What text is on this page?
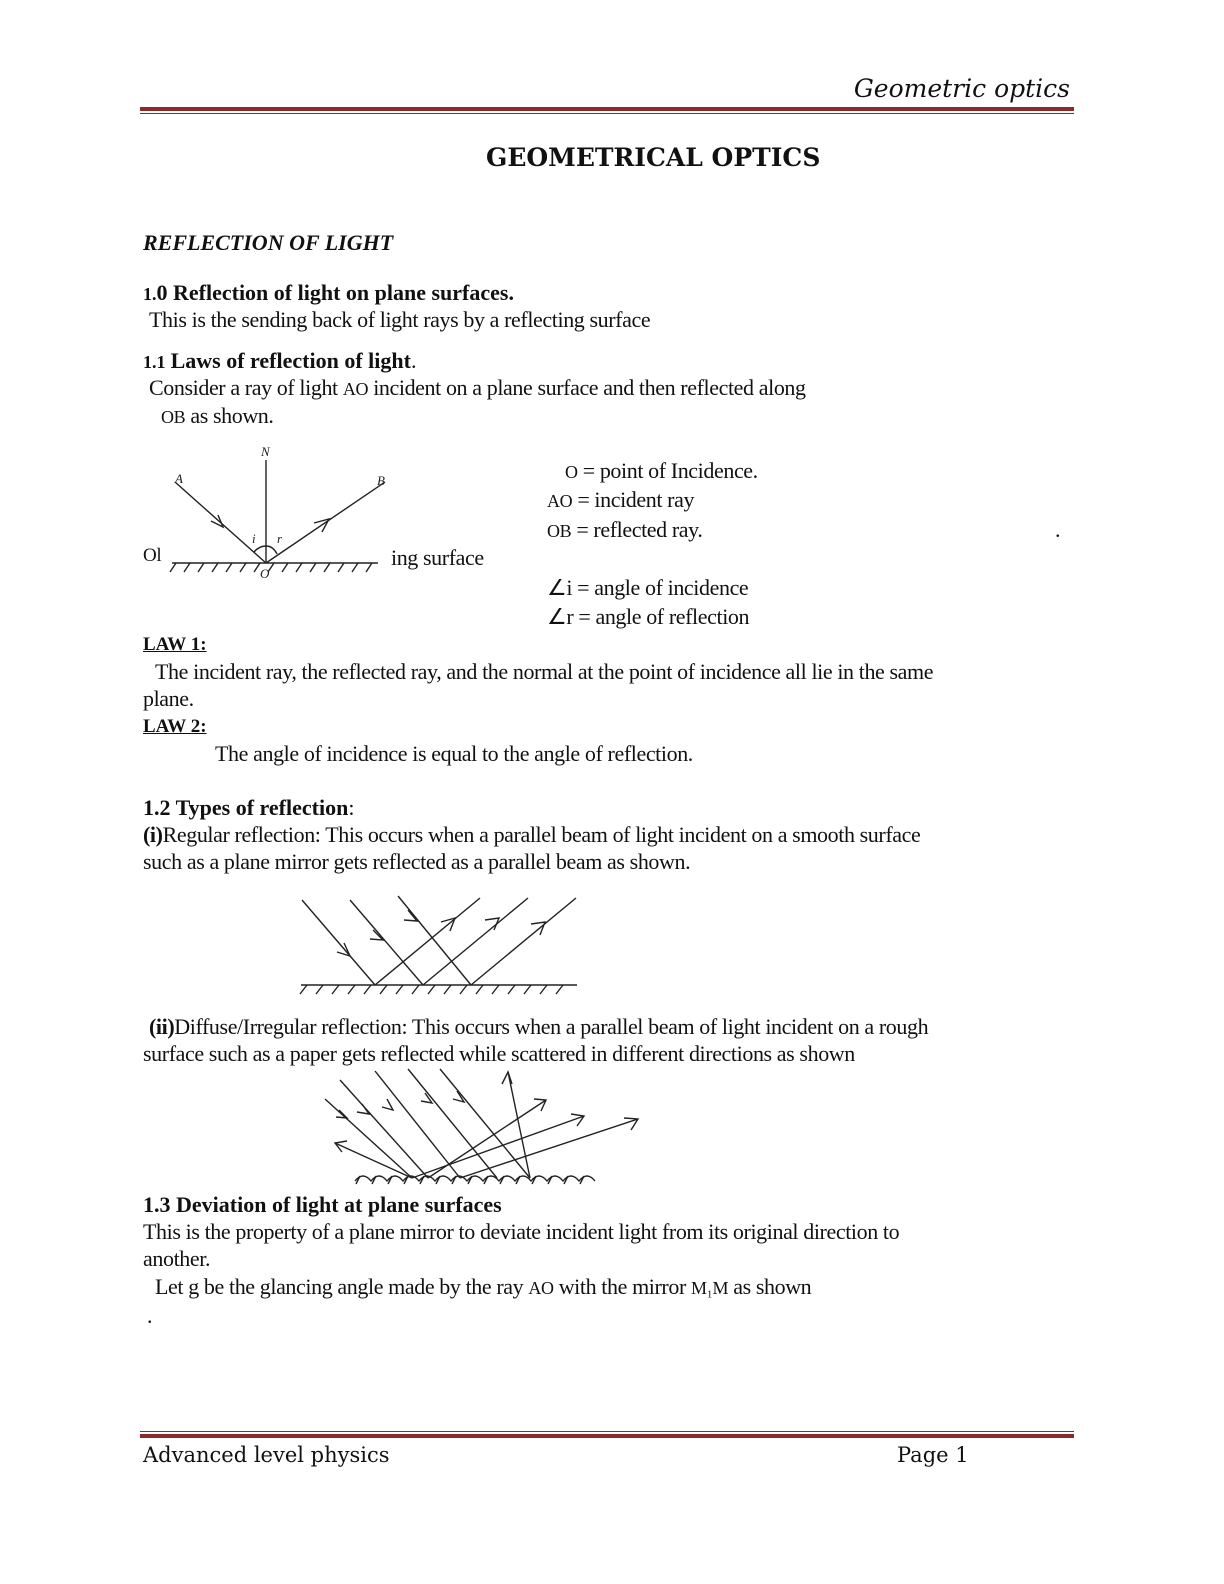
Geometric optics
GEOMETRICAL OPTICS
REFLECTION OF LIGHT
1.0 Reflection of light on plane surfaces.
This is the sending back of light rays by a reflecting surface
1.1 Laws of reflection of light.
Consider a ray of light AO incident on a plane surface and then reflected along
OB as shown.
N
A	B
i r
O
Ol	ing surface
O = point of Incidence.
AO = incident ray
OB = reflected ray.	.
∠i = angle of incidence
∠r = angle of reflection
LAW 1:
The incident ray, the reflected ray, and the normal at the point of incidence all lie in the same
plane.
LAW 2:
The angle of incidence is equal to the angle of reflection.
1.2 Types of reflection:
(i)Regular reflection: This occurs when a parallel beam of light incident on a smooth surface
such as a plane mirror gets reflected as a parallel beam as shown.
(ii)Diffuse/Irregular reflection: This occurs when a parallel beam of light incident on a rough
surface such as a paper gets reflected while scattered in different directions as shown
1.3 Deviation of light at plane surfaces
This is the property of a plane mirror to deviate incident light from its original direction to
another.
Let g be the glancing angle made by the ray AO with the mirror M₁M as shown
.
Advanced level physics	Page 1
